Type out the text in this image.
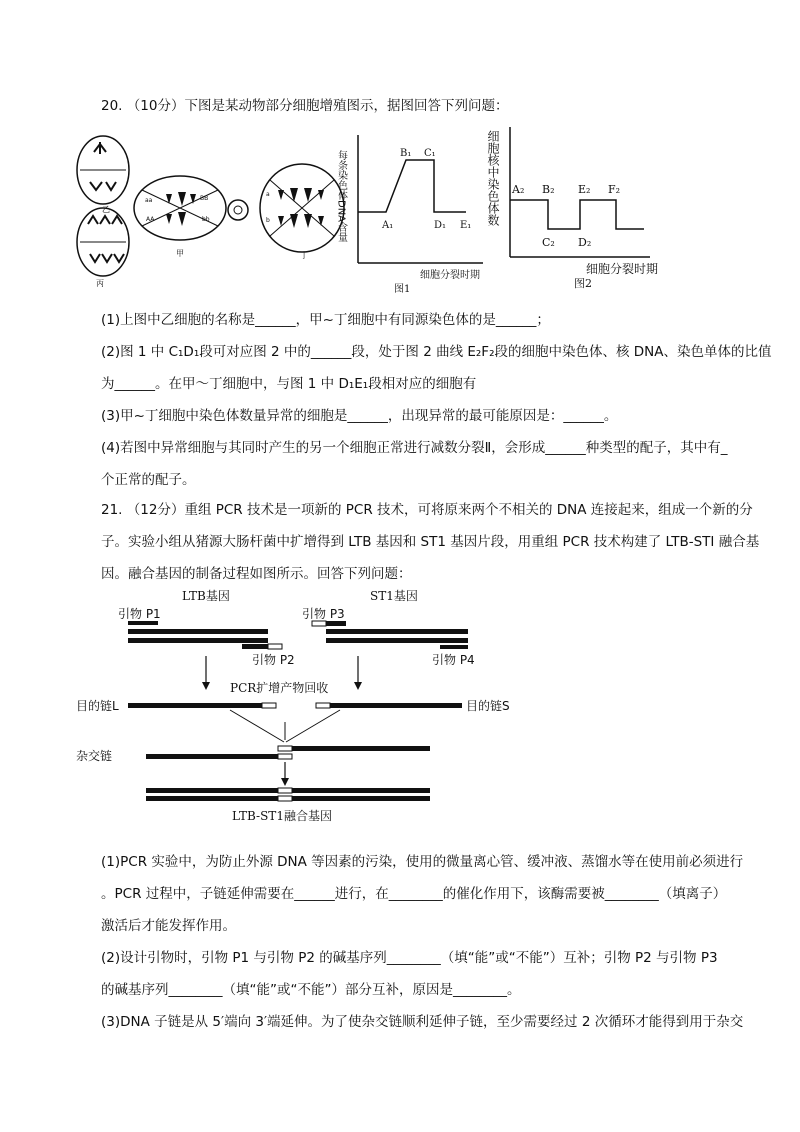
20. （10分）下图是某动物部分细胞增殖图示，据图回答下列问题：
乙
丙
aa
AA
BB
bb
甲
a
b
丁
每条染色体DNA含量	A₁
B₁ C₁
D₁ E₁
细胞分裂时期
图1
细胞核中染色体数 A₂ B₂
C₂ D₂
E₂ F₂
细胞分裂时期
图2
(1)上图中乙细胞的名称是______，甲~丁细胞中有同源染色体的是______；
(2)图 1 中 C₁D₁段可对应图 2 中的______段，处于图 2 曲线 E₂F₂段的细胞中染色体、核 DNA、染色单体的比值
为______。在甲～丁细胞中，与图 1 中 D₁E₁段相对应的细胞有
(3)甲~丁细胞中染色体数量异常的细胞是______，出现异常的最可能原因是：______。
(4)若图中异常细胞与其同时产生的另一个细胞正常进行减数分裂Ⅱ，会形成______种类型的配子，其中有_
个正常的配子。
21. （12分）重组 PCR 技术是一项新的 PCR 技术，可将原来两个不相关的 DNA 连接起来，组成一个新的分
子。实验小组从猪源大肠杆菌中扩增得到 LTB 基因和 ST1 基因片段，用重组 PCR 技术构建了 LTB-STI 融合基
因。融合基因的制备过程如图所示。回答下列问题：
LTB基因	ST1基因
引物 P1
引物 P2
引物 P3
引物 P4
PCR扩增产物回收
目的链L	目的链S
杂交链
LTB-ST1融合基因
(1)PCR 实验中，为防止外源 DNA 等因素的污染，使用的微量离心管、缓冲液、蒸馏水等在使用前必须进行
。PCR 过程中，子链延伸需要在______进行，在________的催化作用下，该酶需要被________（填离子）
激活后才能发挥作用。
(2)设计引物时，引物 P1 与引物 P2 的碱基序列________（填“能”或“不能”）互补；引物 P2 与引物 P3
的碱基序列________（填“能”或“不能”）部分互补，原因是________。
(3)DNA 子链是从 5′端向 3′端延伸。为了使杂交链顺利延伸子链，至少需要经过 2 次循环才能得到用于杂交
